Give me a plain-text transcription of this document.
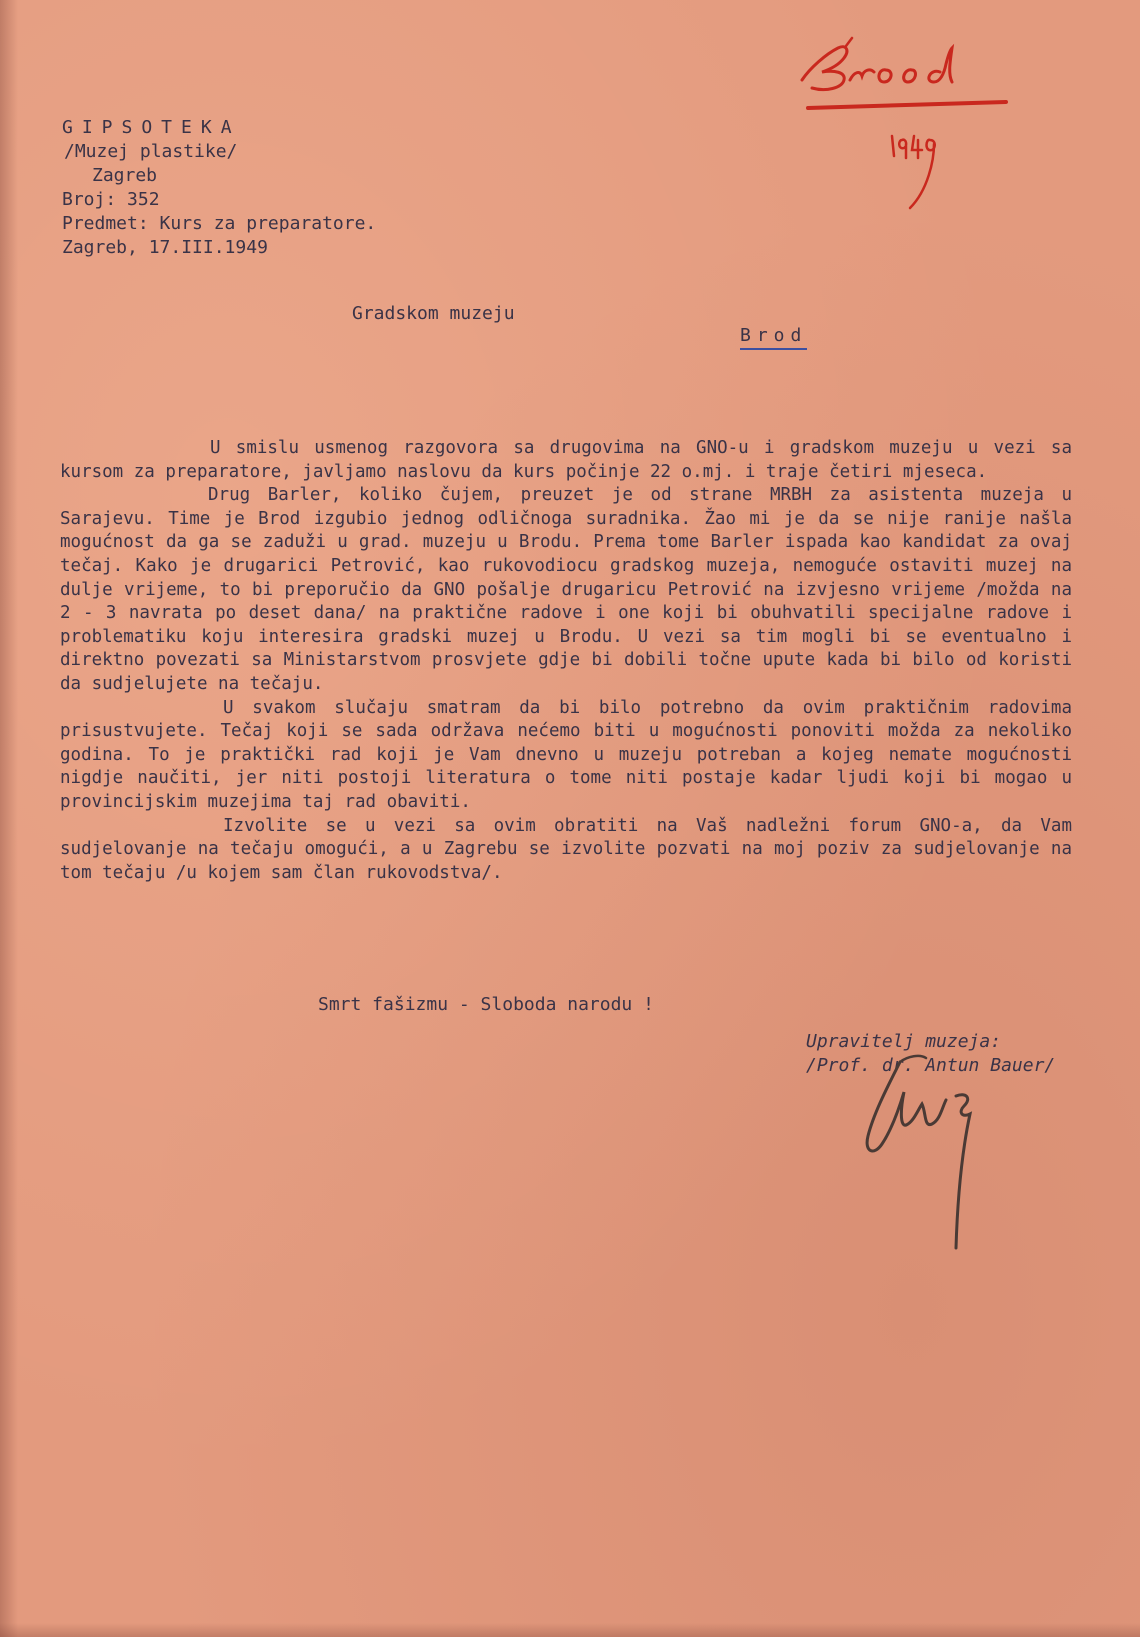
GIPSOTEKA
/Muzej plastike/
Zagreb
Broj: 352
Predmet: Kurs za preparatore.
Zagreb, 17.III.1949
Gradskom muzeju
Brod

U smislu usmenog razgovora sa drugovima na GNO-u i gradskom muzeju u vezi sa kursom za preparatore, javljamo naslovu da kurs počinje 22 o.mj. i traje četiri mjeseca.

Drug Barler, koliko čujem, preuzet je od strane MRBH za asistenta muzeja u Sarajevu. Time je Brod izgubio jednog odličnoga suradnika. Žao mi je da se nije ranije našla mogućnost da ga se zaduži u grad. muzeju u Brodu. Prema tome Barler ispada kao kandidat za ovaj tečaj. Kako je drugarici Petrović, kao rukovodiocu gradskog muzeja, nemoguće ostaviti muzej na dulje vrijeme, to bi preporučio da GNO pošalje drugaricu Petrović na izvjesno vrijeme /možda na 2 - 3 navrata po deset dana/ na praktične radove i one koji bi obuhvatili specijalne radove i problematiku koju interesira gradski muzej u Brodu. U vezi sa tim mogli bi se eventualno i direktno povezati sa Ministarstvom prosvjete gdje bi dobili točne upute kada bi bilo od koristi da sudjelujete na tečaju.

U svakom slučaju smatram da bi bilo potrebno da ovim praktičnim radovima prisustvujete. Tečaj koji se sada održava nećemo biti u mogućnosti ponoviti možda za nekoliko godina. To je praktički rad koji je Vam dnevno u muzeju potreban a kojeg nemate mogućnosti nigdje naučiti, jer niti postoji literatura o tome niti postaje kadar ljudi koji bi mogao u provincijskim muzejima taj rad obaviti.

Izvolite se u vezi sa ovim obratiti na Vaš nadležni forum GNO-a, da Vam sudjelovanje na tečaju omogući, a u Zagrebu se izvolite pozvati na moj poziv za sudjelovanje na tom tečaju /u kojem sam član rukovodstva/.

Smrt fašizmu - Sloboda narodu !
Upravitelj muzeja:
/Prof. dr. Antun Bauer/
